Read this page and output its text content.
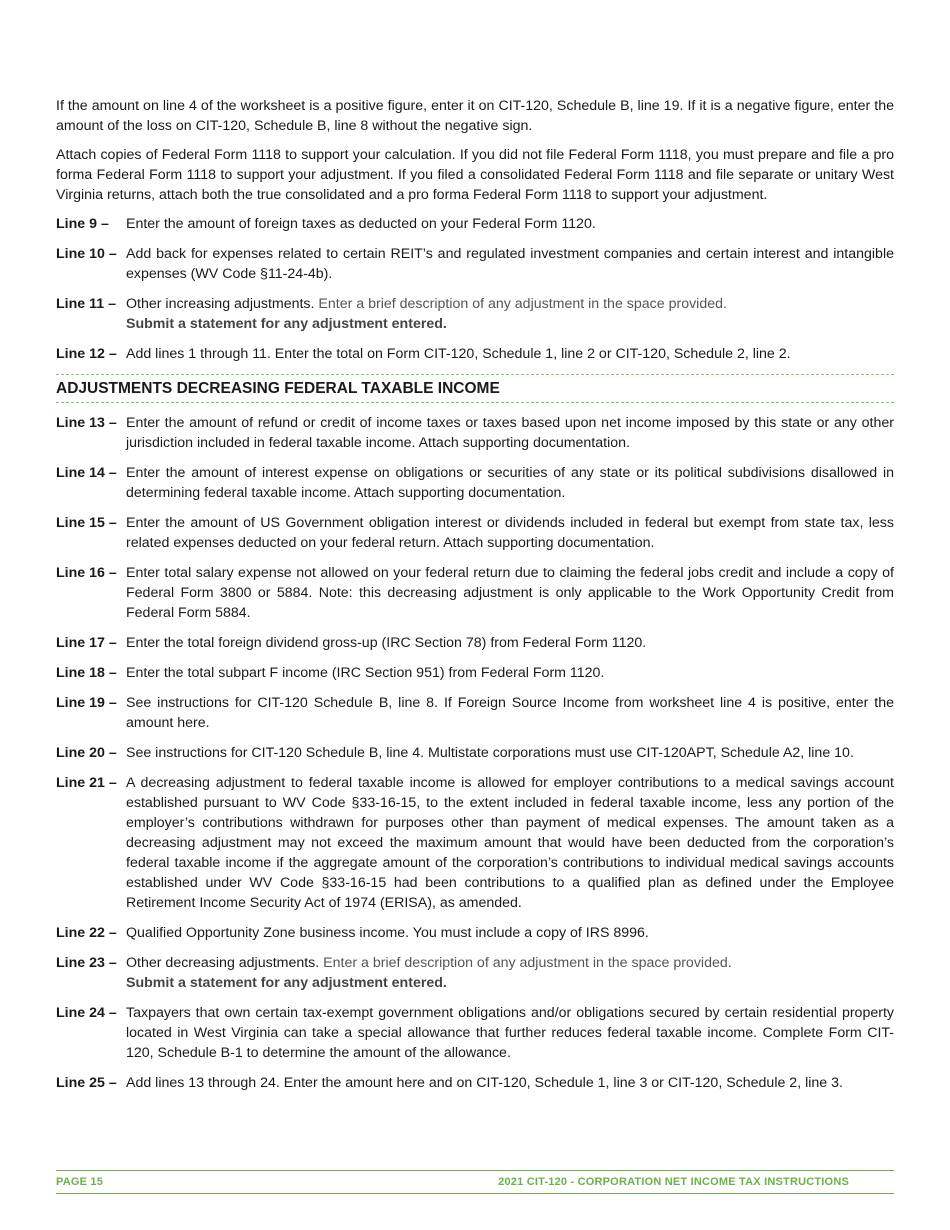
If the amount on line 4 of the worksheet is a positive figure, enter it on CIT-120, Schedule B, line 19. If it is a negative figure, enter the amount of the loss on CIT-120, Schedule B, line 8 without the negative sign.

Attach copies of Federal Form 1118 to support your calculation. If you did not file Federal Form 1118, you must prepare and file a pro forma Federal Form 1118 to support your adjustment. If you filed a consolidated Federal Form 1118 and file separate or unitary West Virginia returns, attach both the true consolidated and a pro forma Federal Form 1118 to support your adjustment.

Line 9 –	Enter the amount of foreign taxes as deducted on your Federal Form 1120.
Line 10 – Add back for expenses related to certain REIT’s and regulated investment companies and certain interest and intangible expenses (WV Code §11-24-4b).
Line 11 – Other increasing adjustments. Enter a brief description of any adjustment in the space provided.
Submit a statement for any adjustment entered.
Line 12 – Add lines 1 through 11. Enter the total on Form CIT-120, Schedule 1, line 2 or CIT-120, Schedule 2, line 2.
ADJUSTMENTS DECREASING FEDERAL TAXABLE INCOME
Line 13 – Enter the amount of refund or credit of income taxes or taxes based upon net income imposed by this state or any other jurisdiction included in federal taxable income. Attach supporting documentation.
Line 14 – Enter the amount of interest expense on obligations or securities of any state or its political subdivisions disallowed in determining federal taxable income. Attach supporting documentation.
Line 15 – Enter the amount of US Government obligation interest or dividends included in federal but exempt from state tax, less related expenses deducted on your federal return. Attach supporting documentation.
Line 16 – Enter total salary expense not allowed on your federal return due to claiming the federal jobs credit and include a copy of Federal Form 3800 or 5884. Note: this decreasing adjustment is only applicable to the Work Opportunity Credit from Federal Form 5884.
Line 17 – Enter the total foreign dividend gross-up (IRC Section 78) from Federal Form 1120.
Line 18 – Enter the total subpart F income (IRC Section 951) from Federal Form 1120.
Line 19 – See instructions for CIT-120 Schedule B, line 8. If Foreign Source Income from worksheet line 4 is positive, enter the amount here.
Line 20 – See instructions for CIT-120 Schedule B, line 4. Multistate corporations must use CIT-120APT, Schedule A2, line 10.
Line 21 – A decreasing adjustment to federal taxable income is allowed for employer contributions to a medical savings account established pursuant to WV Code §33-16-15, to the extent included in federal taxable income, less any portion of the employer’s contributions withdrawn for purposes other than payment of medical expenses. The amount taken as a decreasing adjustment may not exceed the maximum amount that would have been deducted from the corporation’s federal taxable income if the aggregate amount of the corporation’s contributions to individual medical savings accounts established under WV Code §33-16-15 had been contributions to a qualified plan as defined under the Employee Retirement Income Security Act of 1974 (ERISA), as amended.
Line 22 – Qualified Opportunity Zone business income. You must include a copy of IRS 8996.
Line 23 – Other decreasing adjustments. Enter a brief description of any adjustment in the space provided.
Submit a statement for any adjustment entered.
Line 24 – Taxpayers that own certain tax-exempt government obligations and/or obligations secured by certain residential property located in West Virginia can take a special allowance that further reduces federal taxable income. Complete Form CIT-120, Schedule B-1 to determine the amount of the allowance.
Line 25 – Add lines 13 through 24. Enter the amount here and on CIT-120, Schedule 1, line 3 or CIT-120, Schedule 2, line 3.
PAGE 15	2021 CIT-120 - CORPORATION NET INCOME TAX INSTRUCTIONS
